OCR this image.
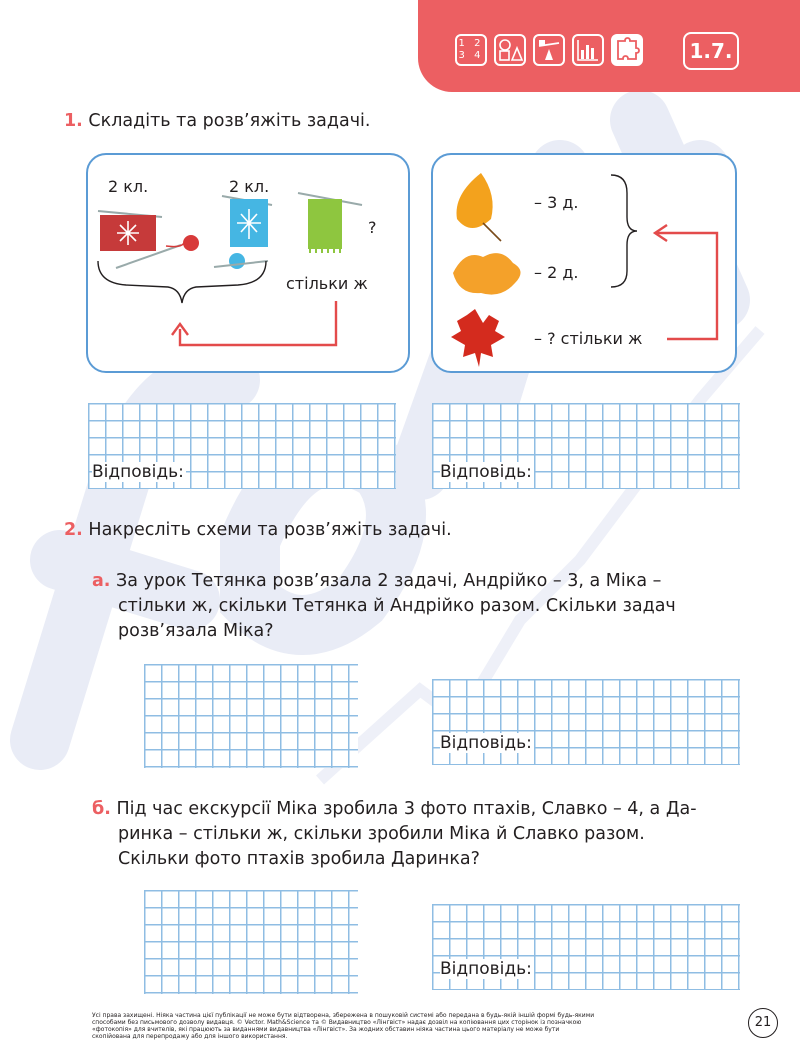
1 2 3 4	1.7.
1. Складіть та розв’яжіть задачі.
2 кл.	2 кл.
?
стільки ж
– 3 д.
– 2 д.
– ? стільки ж
Відповідь:	Відповідь:
2. Накресліть схеми та розв’яжіть задачі.
а. За урок Тетянка розв’язала 2 задачі, Андрійко – 3, а Міка –
стільки ж, скільки Тетянка й Андрійко разом. Скільки задач
розв’язала Міка?
Відповідь:
б. Під час екскурсії Міка зробила 3 фото птахів, Славко – 4, а Да-
ринка – стільки ж, скільки зробили Міка й Славко разом.
Скільки фото птахів зробила Даринка?
Відповідь:
Усі права захищені. Ніяка частина цієї публікації не може бути відтворена, збережена в пошуковій системі або передана в будь-якій іншій формі будь-якими
способами без письмового дозволу видавця. © Vector. Math&Science та © Видавництво «Лінгвіст» надає дозвіл на копіювання цих сторінок із позначкою
«фотокопія» для вчителів, які працюють за виданнями видавництва «Лінгвіст». За жодних обставин ніяка частина цього матеріалу не може бути
скопійована для перепродажу або для іншого використання.
21
